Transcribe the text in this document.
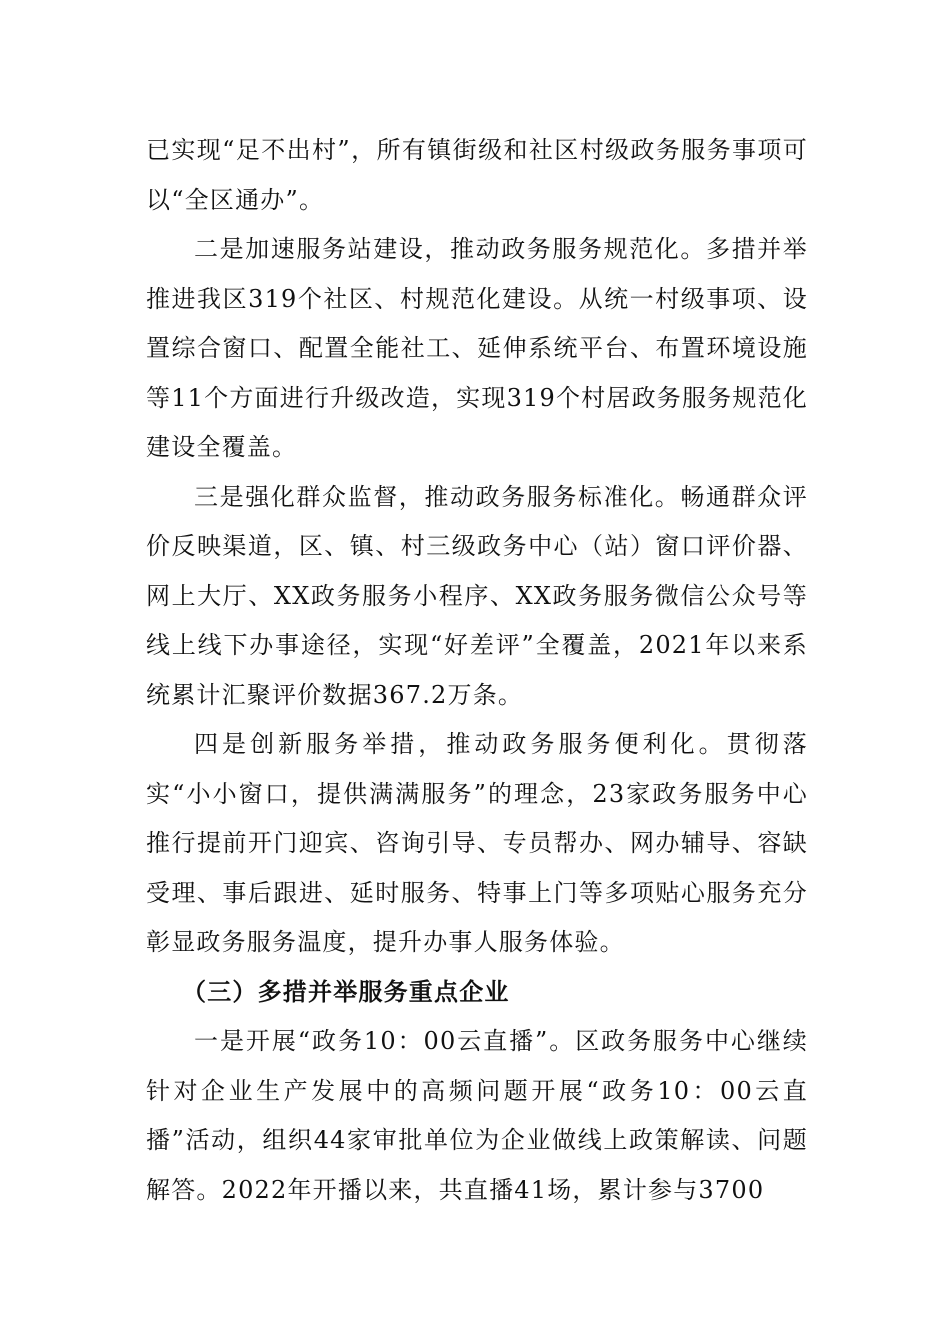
已实现“足不出村”，所有镇街级和社区村级政务服务事项可以“全区通办”。

二是加速服务站建设，推动政务服务规范化。多措并举推进我区319个社区、村规范化建设。从统一村级事项、设置综合窗口、配置全能社工、延伸系统平台、布置环境设施等11个方面进行升级改造，实现319个村居政务服务规范化建设全覆盖。

三是强化群众监督，推动政务服务标准化。畅通群众评价反映渠道，区、镇、村三级政务中心（站）窗口评价器、网上大厅、XX政务服务小程序、XX政务服务微信公众号等线上线下办事途径，实现“好差评”全覆盖，2021年以来系统累计汇聚评价数据367.2万条。

四是创新服务举措，推动政务服务便利化。贯彻落实“小小窗口，提供满满服务”的理念，23家政务服务中心推行提前开门迎宾、咨询引导、专员帮办、网办辅导、容缺受理、事后跟进、延时服务、特事上门等多项贴心服务充分彰显政务服务温度，提升办事人服务体验。

（三）多措并举服务重点企业

一是开展“政务10：00云直播”。区政务服务中心继续针对企业生产发展中的高频问题开展“政务10：00云直播”活动，组织44家审批单位为企业做线上政策解读、问题解答。2022年开播以来，共直播41场，累计参与3700
